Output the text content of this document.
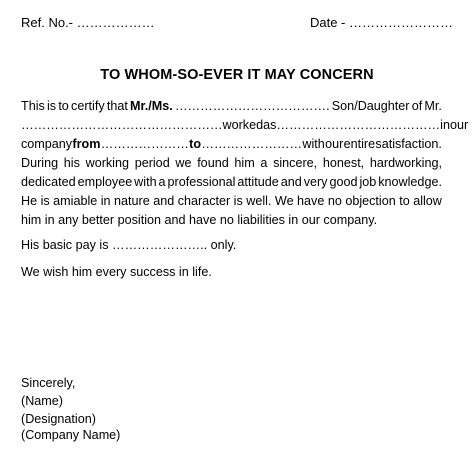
Ref. No.- ………………	Date - ……………………
TO WHOM-SO-EVER IT MAY CONCERN
This is to certify that Mr./Ms. ………………………………. Son/Daughter of Mr.
………………………………………… worked as ………………………………… in our
company from ………………… to …………………… with our entire satisfaction.
During his working period we found him a sincere, honest, hardworking,
dedicated employee with a professional attitude and very good job knowledge.
He is amiable in nature and character is well. We have no objection to allow
him in any better position and have no liabilities in our company.
His basic pay is ………………….. only.
We wish him every success in life.
Sincerely,
(Name)
(Designation)
(Company Name)
